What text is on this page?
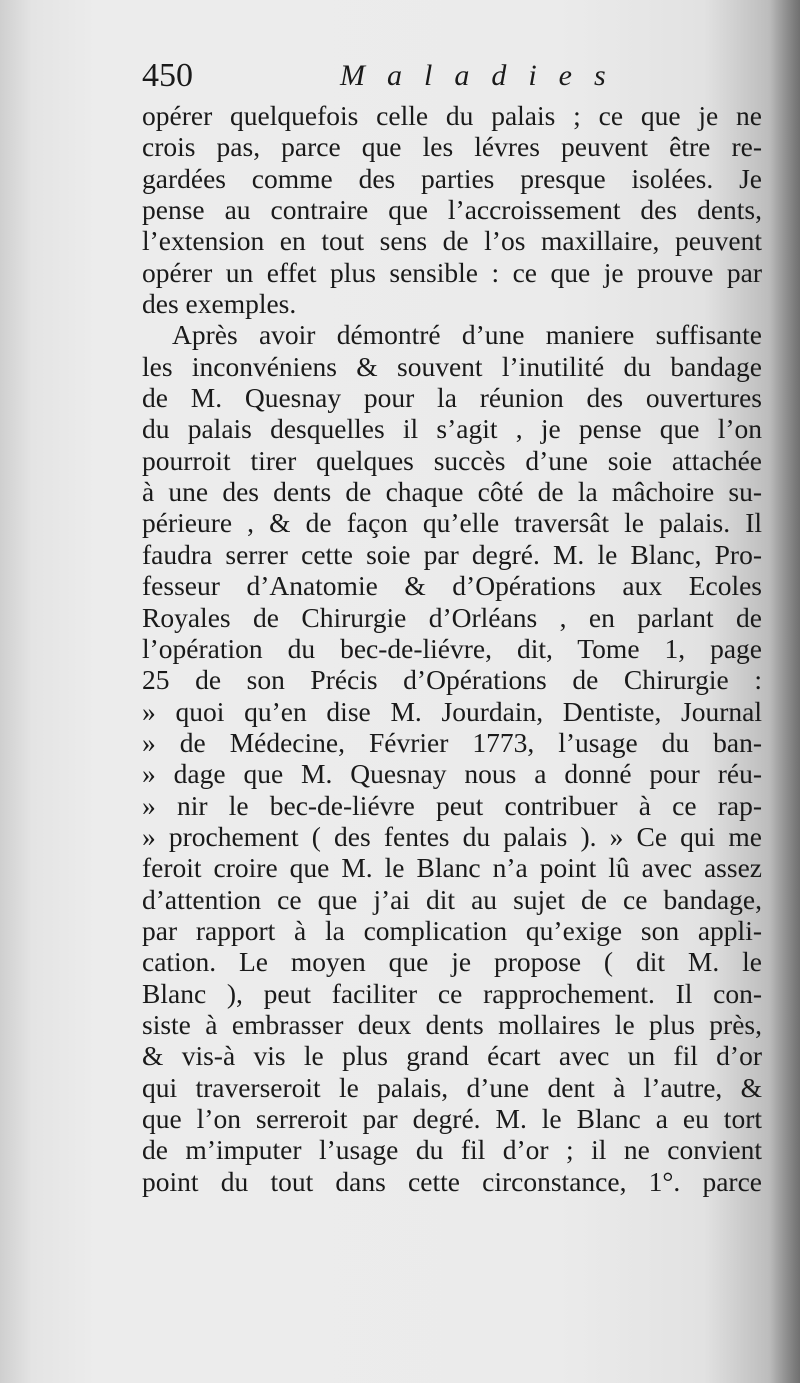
450	Maladies
opérer quelquefois celle du palais ; ce que je ne
crois pas, parce que les lévres peuvent être re-
gardées comme des parties presque isolées. Je
pense au contraire que l’accroissement des dents,
l’extension en tout sens de l’os maxillaire, peuvent
opérer un effet plus sensible : ce que je prouve par
des exemples.
Après avoir démontré d’une maniere suffisante
les inconvéniens & souvent l’inutilité du bandage
de M. Quesnay pour la réunion des ouvertures
du palais desquelles il s’agit , je pense que l’on
pourroit tirer quelques succès d’une soie attachée
à une des dents de chaque côté de la mâchoire su-
périeure , & de façon qu’elle traversât le palais. Il
faudra serrer cette soie par degré. M. le Blanc, Pro-
fesseur d’Anatomie & d’Opérations aux Ecoles
Royales de Chirurgie d’Orléans , en parlant de
l’opération du bec-de-liévre, dit, Tome 1, page
25 de son Précis d’Opérations de Chirurgie :
» quoi qu’en dise M. Jourdain, Dentiste, Journal
» de Médecine, Février 1773, l’usage du ban-
» dage que M. Quesnay nous a donné pour réu-
» nir le bec-de-liévre peut contribuer à ce rap-
» prochement ( des fentes du palais ). » Ce qui me
feroit croire que M. le Blanc n’a point lû avec assez
d’attention ce que j’ai dit au sujet de ce bandage,
par rapport à la complication qu’exige son appli-
cation. Le moyen que je propose ( dit M. le
Blanc ), peut faciliter ce rapprochement. Il con-
siste à embrasser deux dents mollaires le plus près,
& vis-à vis le plus grand écart avec un fil d’or
qui traverseroit le palais, d’une dent à l’autre, &
que l’on serreroit par degré. M. le Blanc a eu tort
de m’imputer l’usage du fil d’or ; il ne convient
point du tout dans cette circonstance, 1°. parce
